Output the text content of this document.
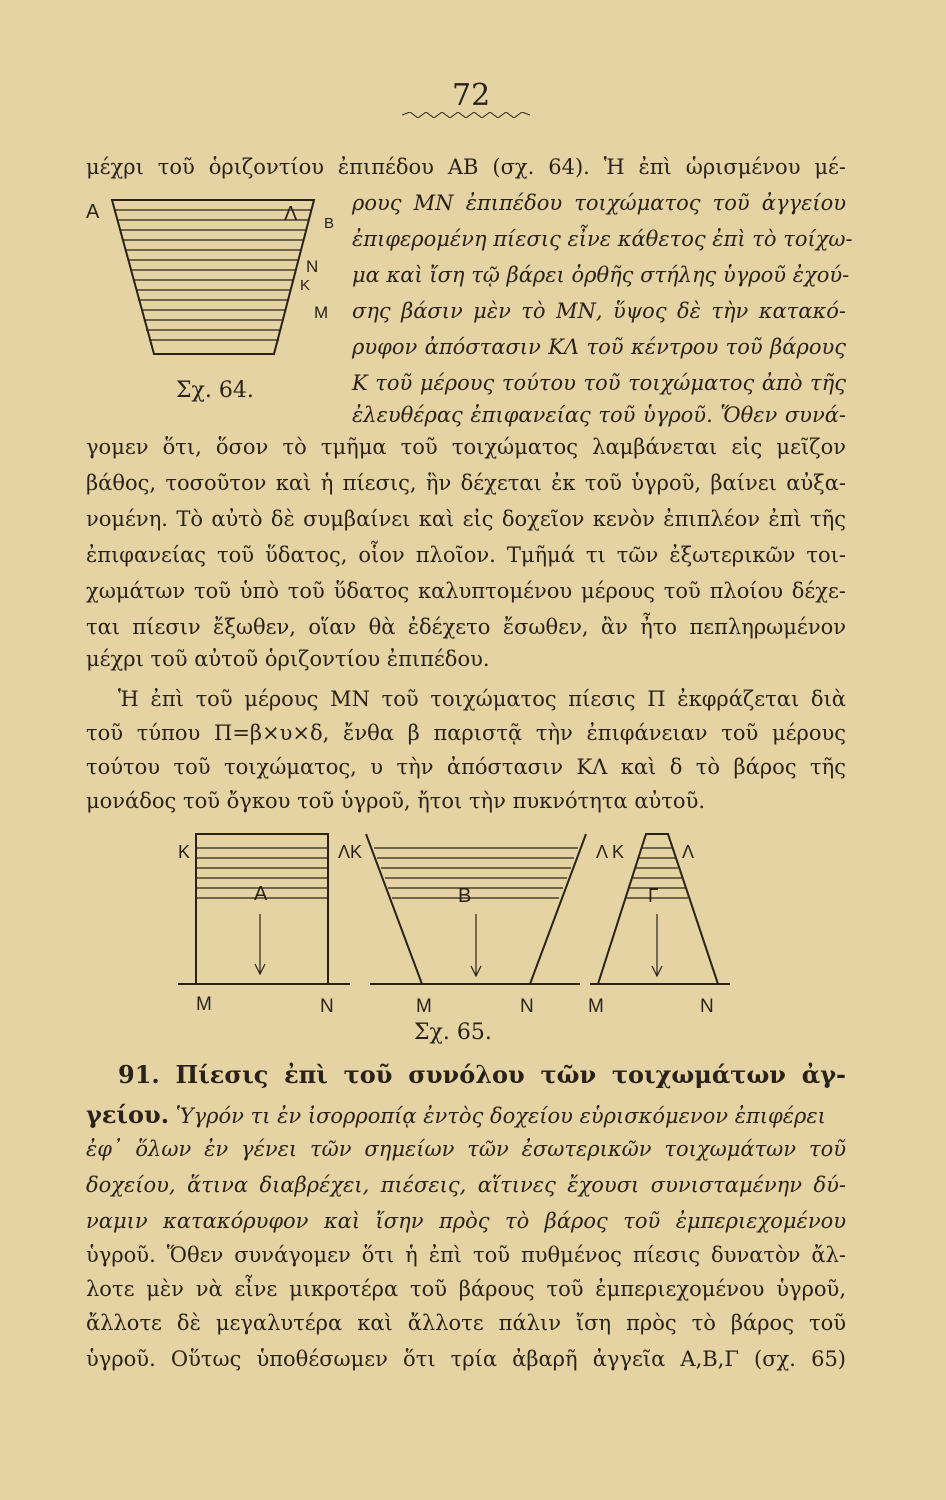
72
Α	Λ Β
Ν
Κ
Μ
Σχ. 64.
μέχρι τοῦ ὁριζοντίου ἐπιπέδου ΑΒ (σχ. 64). Ἡ ἐπὶ ὡρισμένου μέ-
ρους ΜΝ ἐπιπέδου τοιχώματος τοῦ ἀγγείου
ἐπιφερομένη πίεσις εἶνε κάθετος ἐπὶ τὸ τοίχω-
μα καὶ ἴση τῷ βάρει ὀρθῆς στήλης ὑγροῦ ἐχού-
σης βάσιν μὲν τὸ ΜΝ, ὕψος δὲ τὴν κατακό-
ρυφον ἀπόστασιν ΚΛ τοῦ κέντρου τοῦ βάρους
Κ τοῦ μέρους τούτου τοῦ τοιχώματος ἀπὸ τῆς
ἐλευθέρας ἐπιφανείας τοῦ ὑγροῦ. Ὅθεν συνά-
γομεν ὅτι, ὅσον τὸ τμῆμα τοῦ τοιχώματος λαμβάνεται εἰς μεῖζον
βάθος, τοσοῦτον καὶ ἡ πίεσις, ἣν δέχεται ἐκ τοῦ ὑγροῦ, βαίνει αὐξα-
νομένη. Τὸ αὐτὸ δὲ συμβαίνει καὶ εἰς δοχεῖον κενὸν ἐπιπλέον ἐπὶ τῆς
ἐπιφανείας τοῦ ὕδατος, οἷον πλοῖον. Τμῆμά τι τῶν ἐξωτερικῶν τοι-
χωμάτων τοῦ ὑπὸ τοῦ ὕδατος καλυπτομένου μέρους τοῦ πλοίου δέχε-
ται πίεσιν ἔξωθεν, οἵαν θὰ ἐδέχετο ἔσωθεν, ἂν ἦτο πεπληρωμένον
μέχρι τοῦ αὐτοῦ ὁριζοντίου ἐπιπέδου.
Ἡ ἐπὶ τοῦ μέρους ΜΝ τοῦ τοιχώματος πίεσις Π ἐκφράζεται διὰ
τοῦ τύπου Π=β×υ×δ, ἔνθα β παριστᾷ τὴν ἐπιφάνειαν τοῦ μέρους
τούτου τοῦ τοιχώματος, υ τὴν ἀπόστασιν ΚΛ καὶ δ τὸ βάρος τῆς
μονάδος τοῦ ὄγκου τοῦ ὑγροῦ, ἤτοι τὴν πυκνότητα αὐτοῦ.
Κ
Α
Μ	Ν
ΛΚ
Β
Μ	Ν
Λ Κ	Λ
Γ
Μ	Ν
Σχ. 65.
91. Πίεσις ἐπὶ τοῦ συνόλου τῶν τοιχωμάτων ἀγ-
γείου. Ὑγρόν τι ἐν ἰσορροπίᾳ ἐντὸς δοχείου εὑρισκόμενον ἐπιφέρει
ἐφ᾿ ὅλων ἐν γένει τῶν σημείων τῶν ἐσωτερικῶν τοιχωμάτων τοῦ
δοχείου, ἅτινα διαβρέχει, πιέσεις, αἵτινες ἔχουσι συνισταμένην δύ-
ναμιν κατακόρυφον καὶ ἴσην πρὸς τὸ βάρος τοῦ ἐμπεριεχομένου
ὑγροῦ. Ὅθεν συνάγομεν ὅτι ἡ ἐπὶ τοῦ πυθμένος πίεσις δυνατὸν ἄλ-
λοτε μὲν νὰ εἶνε μικροτέρα τοῦ βάρους τοῦ ἐμπεριεχομένου ὑγροῦ,
ἄλλοτε δὲ μεγαλυτέρα καὶ ἄλλοτε πάλιν ἴση πρὸς τὸ βάρος τοῦ
ὑγροῦ. Οὕτως ὑποθέσωμεν ὅτι τρία ἀβαρῆ ἀγγεῖα Α,Β,Γ (σχ. 65)
